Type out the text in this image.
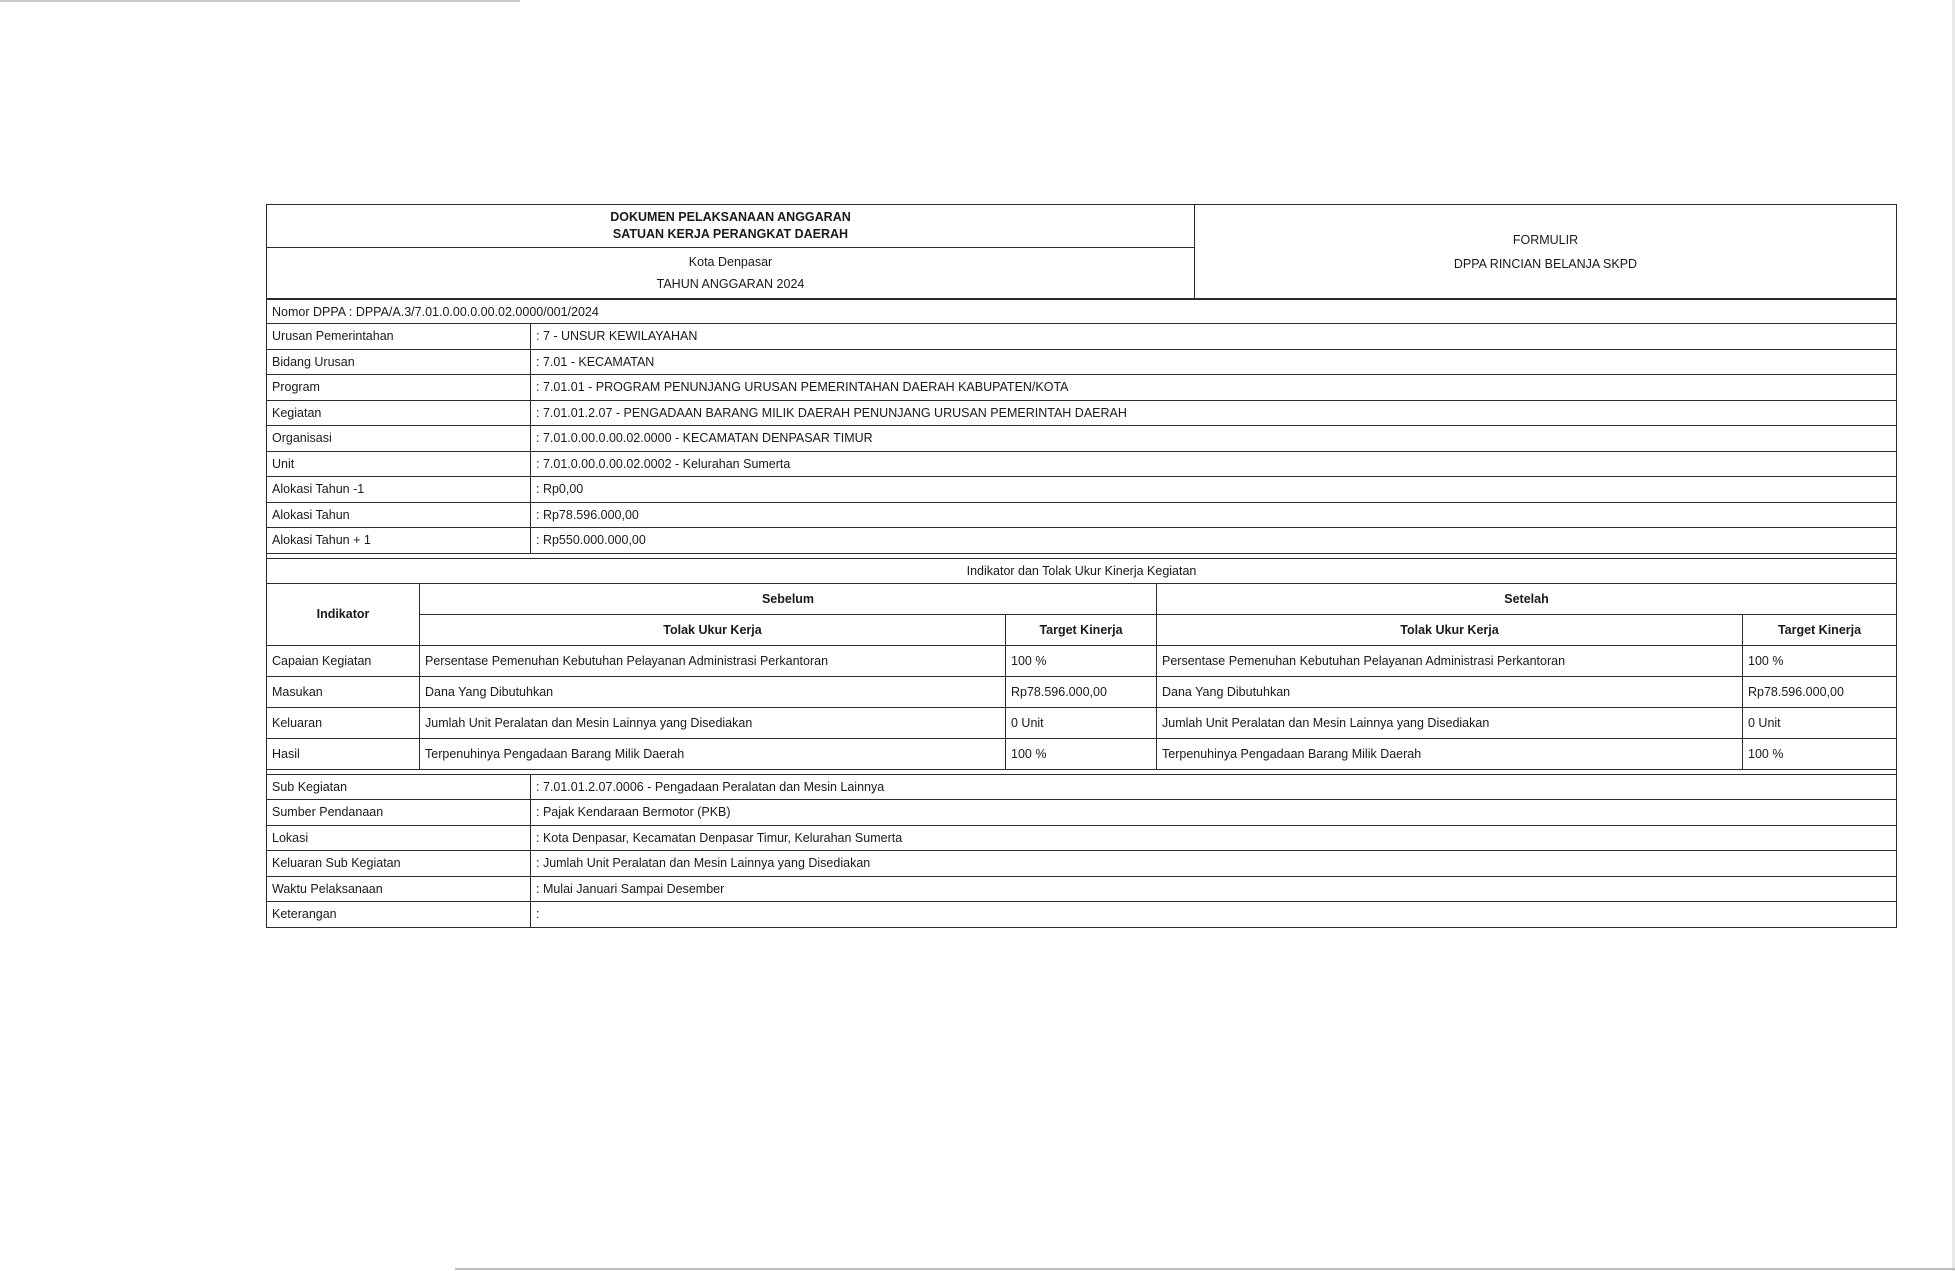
DOKUMEN PELAKSANAAN ANGGARAN
SATUAN KERJA PERANGKAT DAERAH	FORMULIR
DPPA RINCIAN BELANJA SKPD

Kota Denpasar
TAHUN ANGGARAN 2024
Nomor DPPA : DPPA/A.3/7.01.0.00.0.00.02.0000/001/2024	
Urusan Pemerintahan	: 7 - UNSUR KEWILAYAHAN
Bidang Urusan	: 7.01 - KECAMATAN
Program	: 7.01.01 - PROGRAM PENUNJANG URUSAN PEMERINTAHAN DAERAH KABUPATEN/KOTA
Kegiatan	: 7.01.01.2.07 - PENGADAAN BARANG MILIK DAERAH PENUNJANG URUSAN PEMERINTAH DAERAH
Organisasi	: 7.01.0.00.0.00.02.0000 - KECAMATAN DENPASAR TIMUR
Unit	: 7.01.0.00.0.00.02.0002 - Kelurahan Sumerta
Alokasi Tahun -1	: Rp0,00
Alokasi Tahun	: Rp78.596.000,00
Alokasi Tahun + 1	: Rp550.000.000,00
Indikator dan Tolak Ukur Kinerja Kegiatan				
Indikator	Sebelum		Setelah	
	Tolak Ukur Kerja	Target Kinerja	Tolak Ukur Kerja	Target Kinerja
Capaian Kegiatan	Persentase Pemenuhan Kebutuhan Pelayanan Administrasi Perkantoran	100 %	Persentase Pemenuhan Kebutuhan Pelayanan Administrasi Perkantoran	100 %
Masukan	Dana Yang Dibutuhkan	Rp78.596.000,00	Dana Yang Dibutuhkan	Rp78.596.000,00
Keluaran	Jumlah Unit Peralatan dan Mesin Lainnya yang Disediakan	0 Unit	Jumlah Unit Peralatan dan Mesin Lainnya yang Disediakan	0 Unit
Hasil	Terpenuhinya Pengadaan Barang Milik Daerah	100 %	Terpenuhinya Pengadaan Barang Milik Daerah	100 %
Sub Kegiatan	: 7.01.01.2.07.0006 - Pengadaan Peralatan dan Mesin Lainnya
Sumber Pendanaan	: Pajak Kendaraan Bermotor (PKB)
Lokasi	: Kota Denpasar, Kecamatan Denpasar Timur, Kelurahan Sumerta
Keluaran Sub Kegiatan	: Jumlah Unit Peralatan dan Mesin Lainnya yang Disediakan
Waktu Pelaksanaan	: Mulai Januari Sampai Desember
Keterangan	:
